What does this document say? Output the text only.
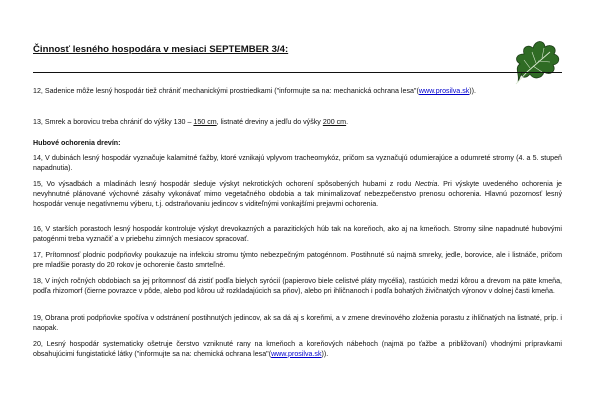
Činnosť lesného hospodára v mesiaci SEPTEMBER 3/4:

12, Sadenice môže lesný hospodár tiež chrániť mechanickými prostriedkami ("informujte sa na: mechanická ochrana lesa"(www.prosilva.sk)).

13, Smrek a borovicu treba chrániť do výšky 130 – 150 cm, listnaté dreviny a jedľu do výšky 200 cm.

Hubové ochorenia drevín:

14, V dubinách lesný hospodár vyznačuje kalamitné ťažby, ktoré vznikajú vplyvom tracheomykóz, pričom sa vyznačujú odumierajúce a odumreté stromy (4. a 5. stupeň napadnutia).

15, Vo výsadbách a mladinách lesný hospodár sleduje výskyt nekrotických ochorení spôsobených hubami z rodu Nectria. Pri výskyte uvedeného ochorenia je nevyhnutné plánované výchovné zásahy vykonávať mimo vegetačného obdobia a tak minimalizovať nebezpečenstvo prenosu ochorenia. Hlavnú pozornosť lesný hospodár venuje negatívnemu výberu, t.j. odstraňovaniu jedincov s viditeľnými vonkajšími prejavmi ochorenia.

16, V starších porastoch lesný hospodár kontroluje výskyt drevokazných a parazitických húb tak na koreňoch, ako aj na kmeňoch. Stromy silne napadnuté hubovými patogénmi treba vyznačiť a v priebehu zimných mesiacov spracovať.

17, Prítomnosť plodnic podpňovky poukazuje na infekciu stromu týmto nebezpečným patogénnom. Postihnuté sú najmä smreky, jedle, borovice, ale i listnáče, pričom pre mladšie porasty do 20 rokov je ochorenie často smrteľné.

18, V iných ročných obdobiach sa jej prítomnosť dá zistiť podľa bielych syrócií (papierovo biele celistvé pláty mycélia), rastúcich medzi kôrou a drevom na päte kmeňa, podľa rhizomorf (čierne povrazce v pôde, alebo pod kôrou už rozkladajúcich sa pňov), alebo pri ihličnanoch i podľa bohatých živičnatých výronov v dolnej časti kmeňa.

19, Obrana proti podpňovke spočíva v odstránení postihnutých jedincov, ak sa dá aj s koreňmi, a v zmene drevinového zloženia porastu z ihličnatých na listnaté, príp. i naopak.

20, Lesný hospodár systematicky ošetruje čerstvo vzniknuté rany na kmeňoch a koreňových nábehoch (najmä po ťažbe a približovaní) vhodnými prípravkami obsahujúcimi fungistatické látky ("informujte sa na: chemická ochrana lesa"(www.prosilva.sk)).
